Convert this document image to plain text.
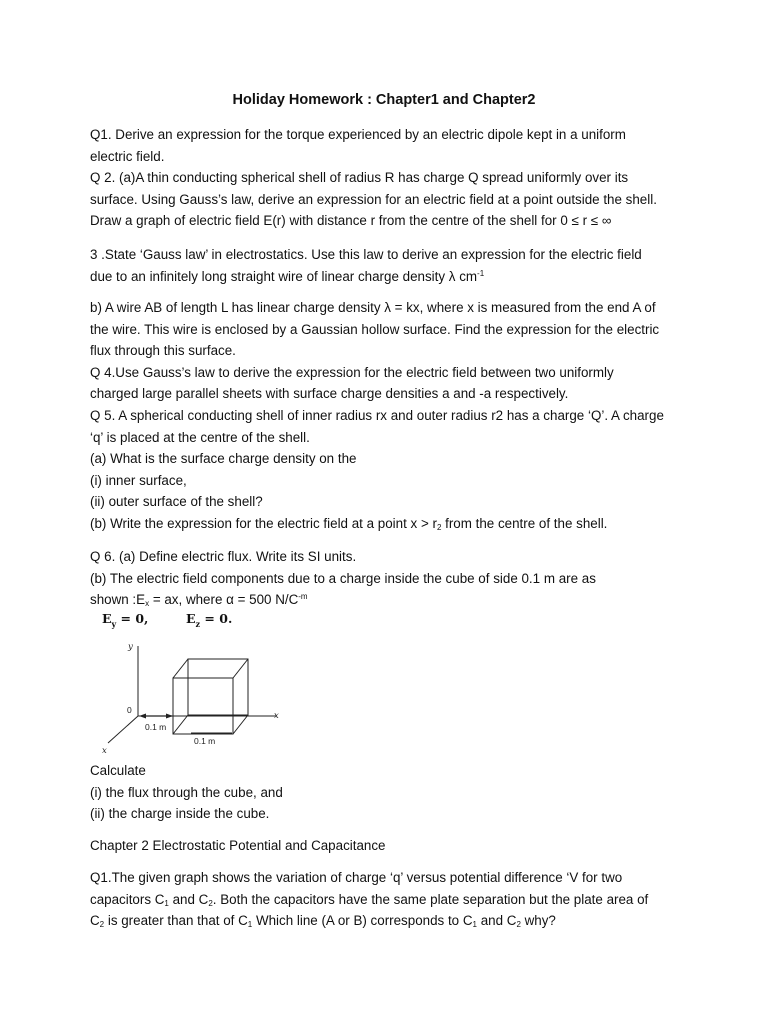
Holiday Homework : Chapter1 and Chapter2

Q1. Derive an expression for the torque experienced by an electric dipole kept in a uniform

electric field.

Q 2. (a)A thin conducting spherical shell of radius R has charge Q spread uniformly over its

surface. Using Gauss’s law, derive an expression for an electric field at a point outside the shell.

Draw a graph of electric field E(r) with distance r from the centre of the shell for 0 ≤ r ≤ ∞

3 .State ‘Gauss law’ in electrostatics. Use this law to derive an expression for the electric field

due to an infinitely long straight wire of linear charge density λ $cm^{-1}$

b) A wire AB of length L has linear charge density λ = kx, where x is measured from the end A of

the wire. This wire is enclosed by a Gaussian hollow surface. Find the expression for the electric

flux through this surface.

Q 4.Use Gauss’s law to derive the expression for the electric field between two uniformly

charged large parallel sheets with surface charge densities a and -a respectively.

Q 5. A spherical conducting shell of inner radius rx and outer radius r2 has a charge ‘Q’. A charge

‘q’ is placed at the centre of the shell.

(a) What is the surface charge density on the

(i) inner surface,

(ii) outer surface of the shell?

(b) Write the expression for the electric field at a point $x > r_2$ from the centre of the shell.

Q 6. (a) Define electric flux. Write its SI units.

(b) The electric field components due to a charge inside the cube of side 0.1 m are as

shown $:E_x$ = ax, where α = 500 $N/C^{-m}$

$E_y = 0$,	$E_z = 0$.
y
x
x
0
0.1 m
0.1 m

Calculate

(i) the flux through the cube, and

(ii) the charge inside the cube.

Chapter 2 Electrostatic Potential and Capacitance

Q1.The given graph shows the variation of charge ‘q’ versus potential difference ‘V for two

capacitors $C_1$ and $C_2$. Both the capacitors have the same plate separation but the plate area of

$C_2$ is greater than that of $C_1$ Which line (A or B) corresponds to $C_1$ and $C_2$ why?
